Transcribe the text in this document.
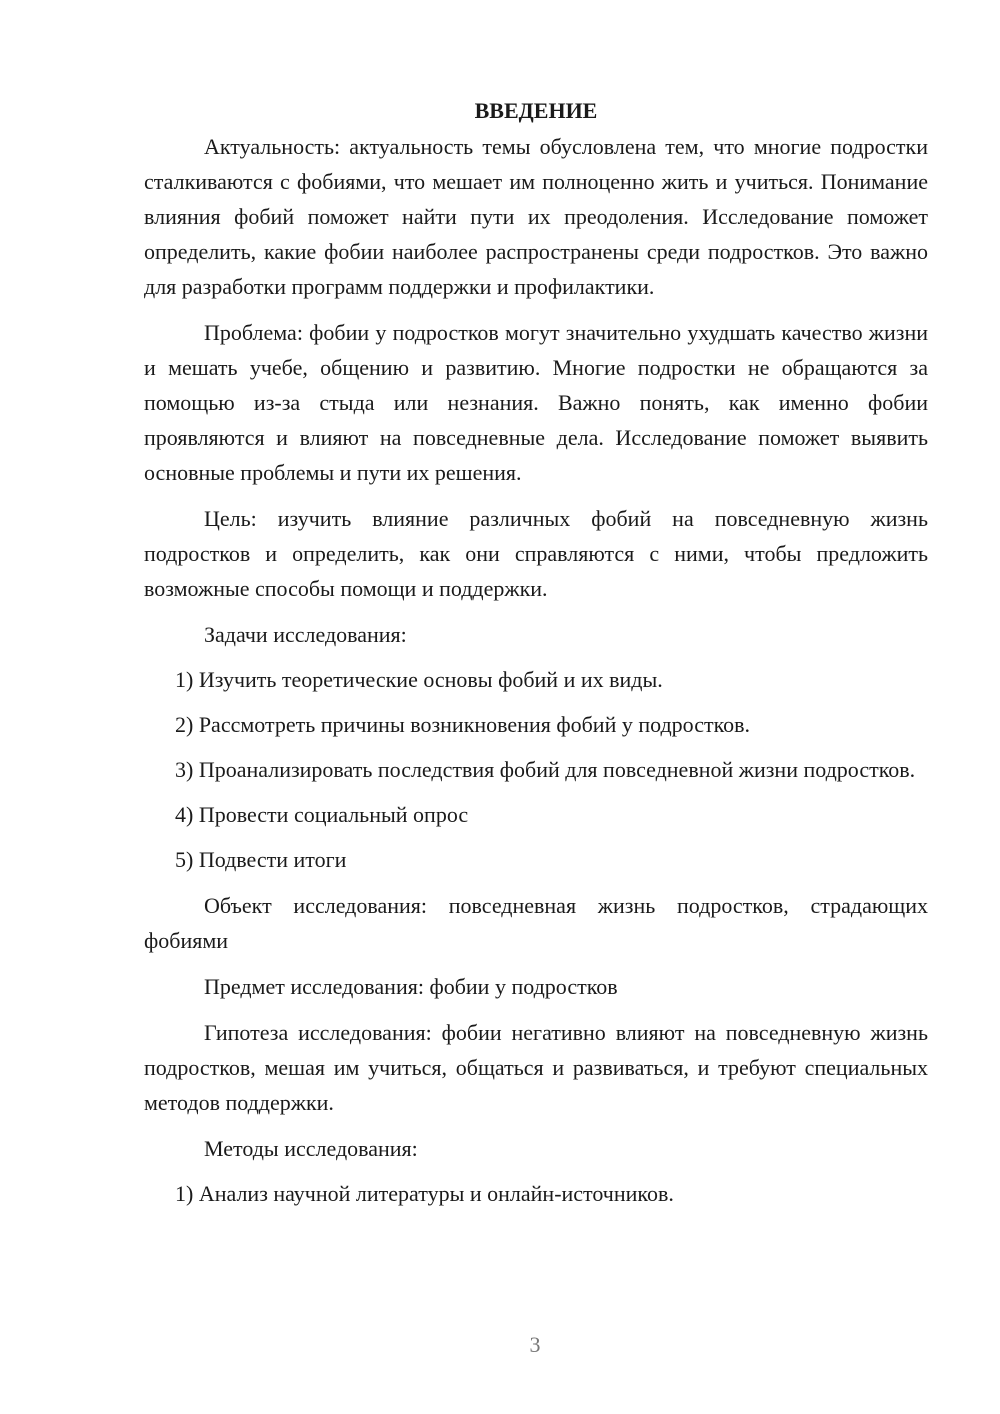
ВВЕДЕНИЕ

Актуальность: актуальность темы обусловлена тем, что многие подростки сталкиваются с фобиями, что мешает им полноценно жить и учиться. Понимание влияния фобий поможет найти пути их преодоления. Исследование поможет определить, какие фобии наиболее распространены среди подростков. Это важно для разработки программ поддержки и профилактики.

Проблема: фобии у подростков могут значительно ухудшать качество жизни и мешать учебе, общению и развитию. Многие подростки не обращаются за помощью из-за стыда или незнания. Важно понять, как именно фобии проявляются и влияют на повседневные дела. Исследование поможет выявить основные проблемы и пути их решения.

Цель: изучить влияние различных фобий на повседневную жизнь подростков и определить, как они справляются с ними, чтобы предложить возможные способы помощи и поддержки.

Задачи исследования:

1) Изучить теоретические основы фобий и их виды.

2) Рассмотреть причины возникновения фобий у подростков.

3) Проанализировать последствия фобий для повседневной жизни подростков.

4) Провести социальный опрос

5) Подвести итоги

Объект исследования: повседневная жизнь подростков, страдающих фобиями

Предмет исследования: фобии у подростков

Гипотеза исследования: фобии негативно влияют на повседневную жизнь подростков, мешая им учиться, общаться и развиваться, и требуют специальных методов поддержки.

Методы исследования:

1) Анализ научной литературы и онлайн-источников.

3
